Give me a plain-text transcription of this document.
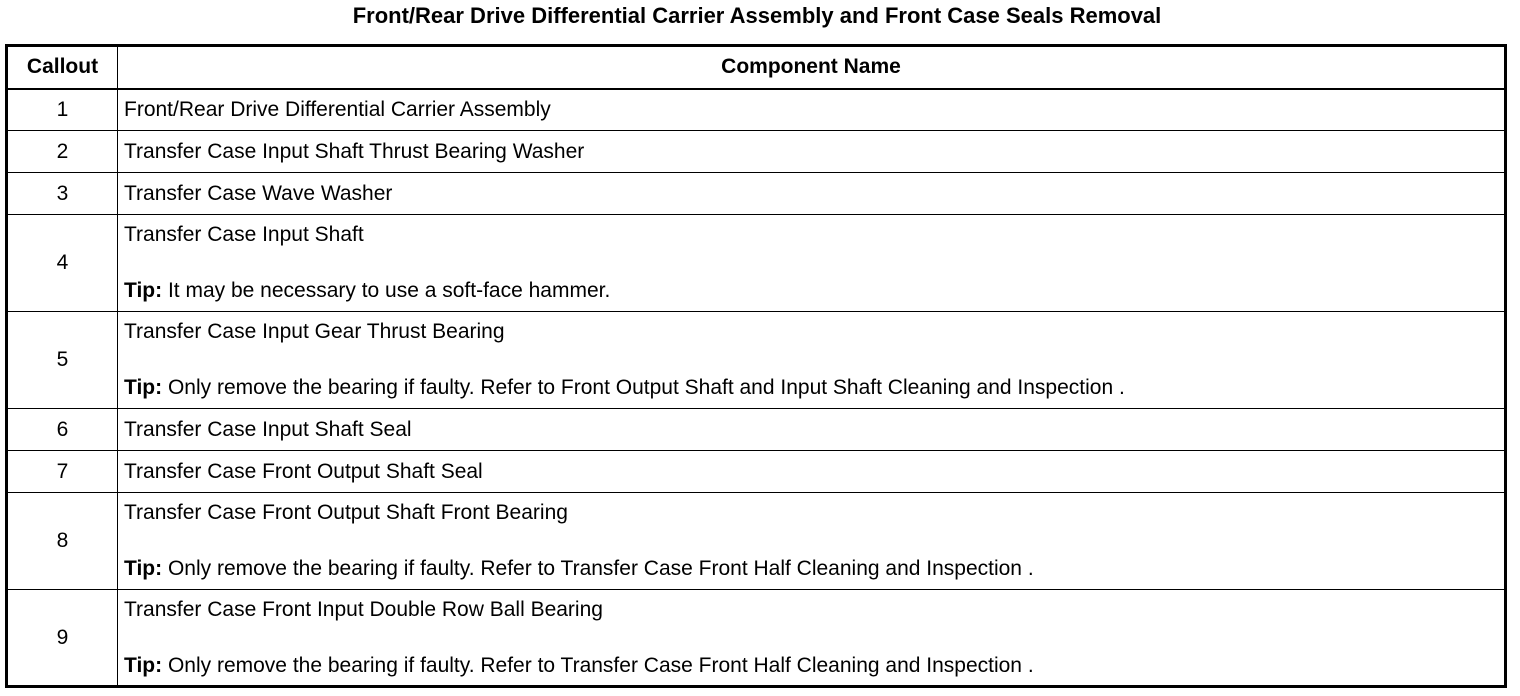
Front/Rear Drive Differential Carrier Assembly and Front Case Seals Removal
Callout	Component Name
1	Front/Rear Drive Differential Carrier Assembly

2	Transfer Case Input Shaft Thrust Bearing Washer

3	Transfer Case Wave Washer

4	Transfer Case Input Shaft
Tip: It may be necessary to use a soft-face hammer.

5	Transfer Case Input Gear Thrust Bearing
Tip: Only remove the bearing if faulty. Refer to Front Output Shaft and Input Shaft Cleaning and Inspection .

6	Transfer Case Input Shaft Seal

7	Transfer Case Front Output Shaft Seal

8	Transfer Case Front Output Shaft Front Bearing
Tip: Only remove the bearing if faulty. Refer to Transfer Case Front Half Cleaning and Inspection .

9	Transfer Case Front Input Double Row Ball Bearing
Tip: Only remove the bearing if faulty. Refer to Transfer Case Front Half Cleaning and Inspection .
